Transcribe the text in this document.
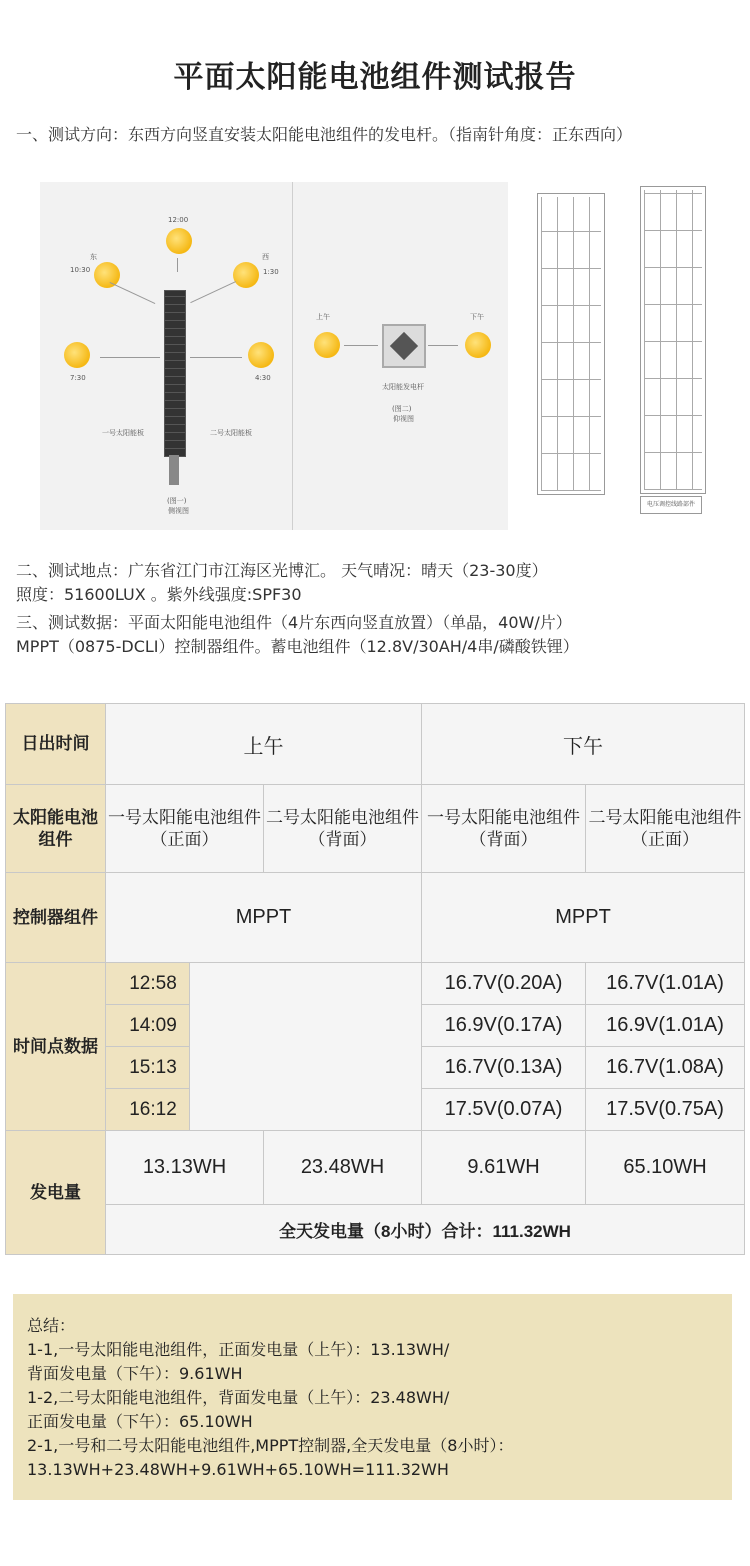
平面太阳能电池组件测试报告
一、测试方向：东西方向竖直安装太阳能电池组件的发电杆。（指南针角度：正东西向）
12:00
东
10:30
西
1:30
7:30	4:30
一号太阳能板	二号太阳能板
(图一)
侧视图
上午	下午
太阳能发电杆
(图二)
仰视图
电压调控线路部件
二、测试地点：广东省江门市江海区光博汇。 天气晴况：晴天（23-30度）
照度：51600LUX 。紫外线强度:SPF30
三、测试数据：平面太阳能电池组件（4片东西向竖直放置）（单晶，40W/片）
MPPT（0875-DCLI）控制器组件。蓄电池组件（12.8V/30AH/4串/磷酸铁锂）
日出时间	上午			下午	
太阳能电池组件	一号太阳能电池组件（正面）		二号太阳能电池组件（背面）	一号太阳能电池组件（背面）	二号太阳能电池组件（正面）
控制器组件	MPPT			MPPT	
时间点数据	12:58			16.7V(0.20A)	16.7V(1.01A)
	14:09			16.9V(0.17A)	16.9V(1.01A)
	15:13			16.7V(0.13A)	16.7V(1.08A)
	16:12			17.5V(0.07A)	17.5V(0.75A)
发电量	13.13WH		23.48WH	9.61WH	65.10WH
	全天发电量（8小时）合计：111.32WH				
总结：
1-1,一号太阳能电池组件，正面发电量（上午）：13.13WH/
背面发电量（下午）：9.61WH
1-2,二号太阳能电池组件，背面发电量（上午）：23.48WH/
正面发电量（下午）：65.10WH
2-1,一号和二号太阳能电池组件,MPPT控制器,全天发电量（8小时）：
13.13WH+23.48WH+9.61WH+65.10WH=111.32WH
